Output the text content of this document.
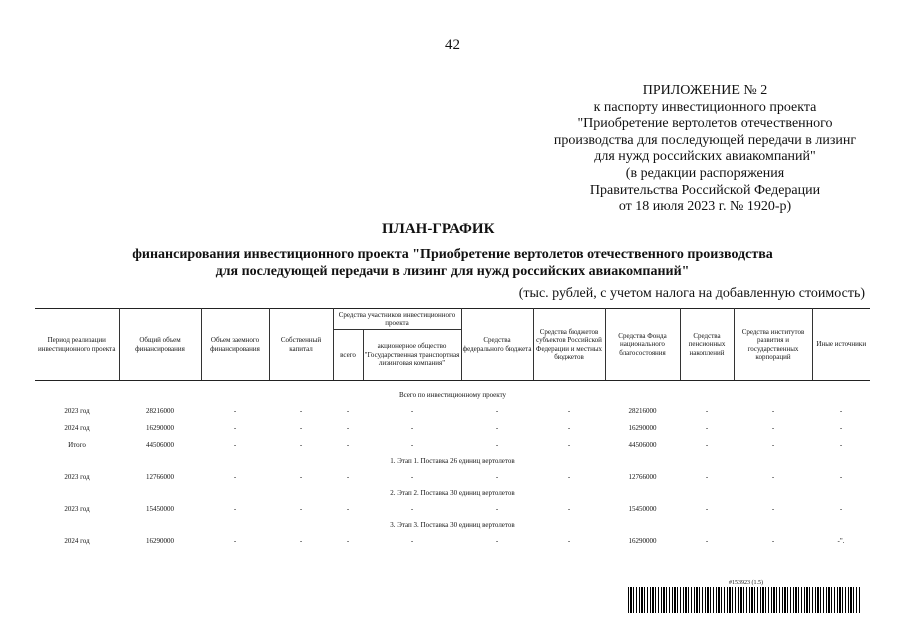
42
ПРИЛОЖЕНИЕ № 2
к паспорту инвестиционного проекта
"Приобретение вертолетов отечественного
производства для последующей передачи в лизинг
для нужд российских авиакомпаний"
(в редакции распоряжения
Правительства Российской Федерации
от 18 июля 2023 г. № 1920-р)
ПЛАН-ГРАФИК
финансирования инвестиционного проекта "Приобретение вертолетов отечественного производства
для последующей передачи в лизинг для нужд российских авиакомпаний"
(тыс. рублей, с учетом налога на добавленную стоимость)
Период реализации инвестиционного проекта	Общий объем финансирования	Объем заемного финансирования	Собственный капитал	Средства участников инвестиционного проекта		Средства федерального бюджета	Средства бюджетов субъектов Российской Федерации и местных бюджетов	Средства Фонда национального благосостояния	Средства пенсионных накоплений	Средства институтов развития и государственных корпораций	Иные источники
				всего	акционерное общество "Государственная транспортная лизинговая компания"						

Всего по инвестиционному проекту											
2023 год	28216000	-	-	-	-	-	-	28216000	-	-	-
2024 год	16290000	-	-	-	-	-	-	16290000	-	-	-
Итого	44506000	-	-	-	-	-	-	44506000	-	-	-
1. Этап 1. Поставка 26 единиц вертолетов											
2023 год	12766000	-	-	-	-	-	-	12766000	-	-	-
2. Этап 2. Поставка 30 единиц вертолетов											
2023 год	15450000	-	-	-	-	-	-	15450000	-	-	-
3. Этап 3. Поставка 30 единиц вертолетов											
2024 год	16290000	-	-	-	-	-	-	16290000	-	-	-".
#153923 (1.5)
